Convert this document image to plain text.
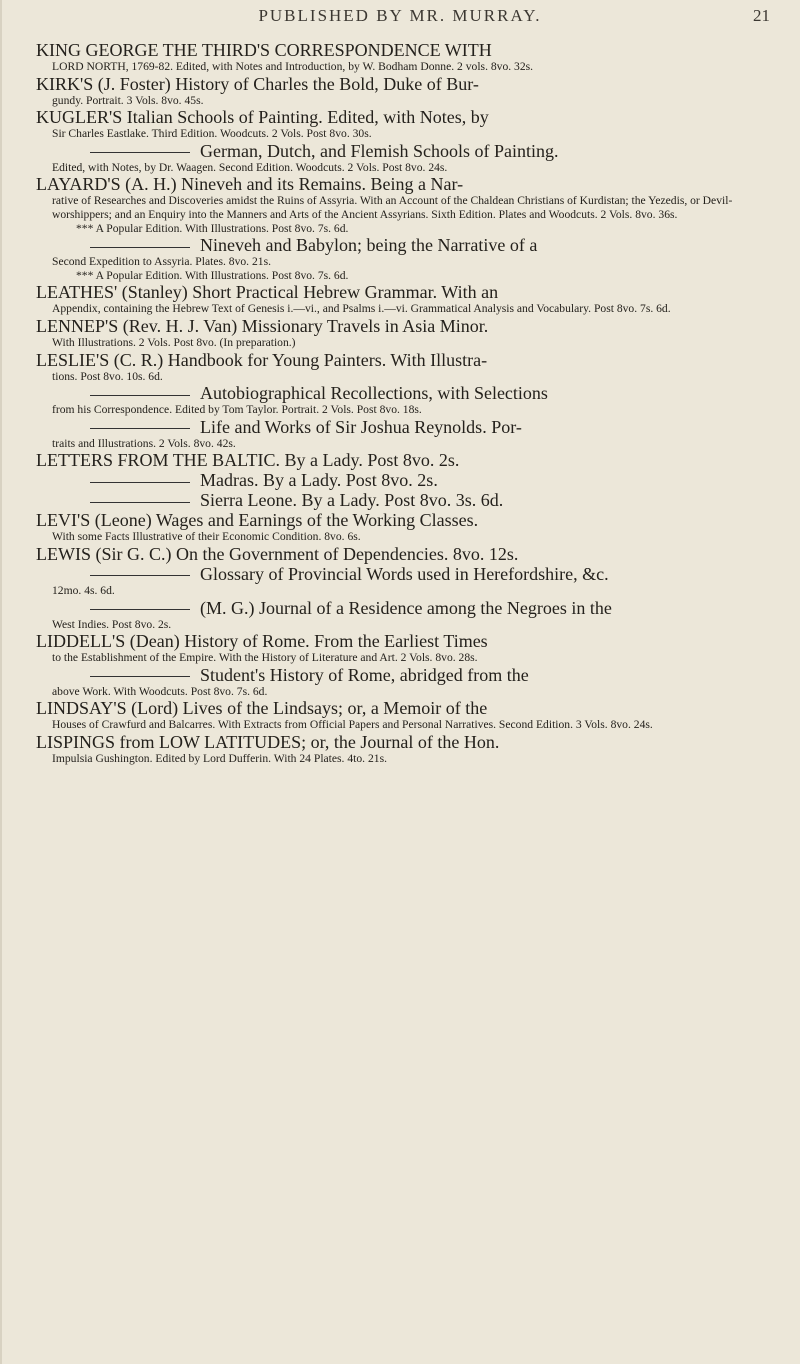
PUBLISHED BY MR. MURRAY.	21
KING GEORGE THE THIRD'S CORRESPONDENCE WITH
LORD NORTH, 1769-82. Edited, with Notes and Introduction, by W. Bodham Donne. 2 vols. 8vo. 32s.
KIRK'S (J. Foster) History of Charles the Bold, Duke of Bur-
gundy. Portrait. 3 Vols. 8vo. 45s.
KUGLER'S Italian Schools of Painting. Edited, with Notes, by
Sir Charles Eastlake. Third Edition. Woodcuts. 2 Vols. Post 8vo. 30s.
German, Dutch, and Flemish Schools of Painting.
Edited, with Notes, by Dr. Waagen. Second Edition. Woodcuts. 2 Vols. Post 8vo. 24s.
LAYARD'S (A. H.) Nineveh and its Remains. Being a Nar-
rative of Researches and Discoveries amidst the Ruins of Assyria. With an Account of the Chaldean Christians of Kurdistan; the Yezedis, or Devil-worshippers; and an Enquiry into the Manners and Arts of the Ancient Assyrians. Sixth Edition. Plates and Woodcuts. 2 Vols. 8vo. 36s.
*** A Popular Edition. With Illustrations. Post 8vo. 7s. 6d.
Nineveh and Babylon; being the Narrative of a
Second Expedition to Assyria. Plates. 8vo. 21s.
*** A Popular Edition. With Illustrations. Post 8vo. 7s. 6d.
LEATHES' (Stanley) Short Practical Hebrew Grammar. With an
Appendix, containing the Hebrew Text of Genesis i.—vi., and Psalms i.—vi. Grammatical Analysis and Vocabulary. Post 8vo. 7s. 6d.
LENNEP'S (Rev. H. J. Van) Missionary Travels in Asia Minor.
With Illustrations. 2 Vols. Post 8vo. (In preparation.)
LESLIE'S (C. R.) Handbook for Young Painters. With Illustra-
tions. Post 8vo. 10s. 6d.
Autobiographical Recollections, with Selections
from his Correspondence. Edited by Tom Taylor. Portrait. 2 Vols. Post 8vo. 18s.
Life and Works of Sir Joshua Reynolds. Por-
traits and Illustrations. 2 Vols. 8vo. 42s.
LETTERS FROM THE BALTIC. By a Lady. Post 8vo. 2s.
Madras. By a Lady. Post 8vo. 2s.
Sierra Leone. By a Lady. Post 8vo. 3s. 6d.
LEVI'S (Leone) Wages and Earnings of the Working Classes.
With some Facts Illustrative of their Economic Condition. 8vo. 6s.
LEWIS (Sir G. C.) On the Government of Dependencies. 8vo. 12s.
Glossary of Provincial Words used in Herefordshire, &c.
12mo. 4s. 6d.
(M. G.) Journal of a Residence among the Negroes in the
West Indies. Post 8vo. 2s.
LIDDELL'S (Dean) History of Rome. From the Earliest Times
to the Establishment of the Empire. With the History of Literature and Art. 2 Vols. 8vo. 28s.
Student's History of Rome, abridged from the
above Work. With Woodcuts. Post 8vo. 7s. 6d.
LINDSAY'S (Lord) Lives of the Lindsays; or, a Memoir of the
Houses of Crawfurd and Balcarres. With Extracts from Official Papers and Personal Narratives. Second Edition. 3 Vols. 8vo. 24s.
LISPINGS from LOW LATITUDES; or, the Journal of the Hon.
Impulsia Gushington. Edited by Lord Dufferin. With 24 Plates. 4to. 21s.
